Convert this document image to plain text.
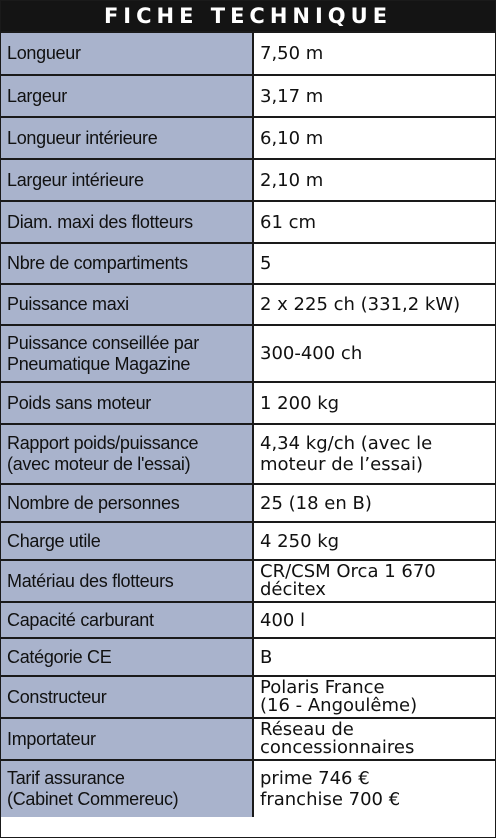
FICHE TECHNIQUE
Longueur	7,50 m

Largeur	3,17 m

Longueur intérieure	6,10 m

Largeur intérieure	2,10 m

Diam. maxi des flotteurs	61 cm

Nbre de compartiments	5

Puissance maxi	2 x 225 ch (331,2 kW)

Puissance conseillée par
Pneumatique Magazine	300-400 ch

Poids sans moteur	1 200 kg

Rapport poids/puissance
(avec moteur de l'essai)	4,34 kg/ch (avec le
moteur de l’essai)

Nombre de personnes	25 (18 en B)

Charge utile	4 250 kg

Matériau des flotteurs	CR/CSM Orca 1 670
décitex

Capacité carburant	400 l

Catégorie CE	B

Constructeur	Polaris France
(16 - Angoulême)

Importateur	Réseau de
concessionnaires

Tarif assurance
(Cabinet Commereuc)	prime 746 €
franchise 700 €
